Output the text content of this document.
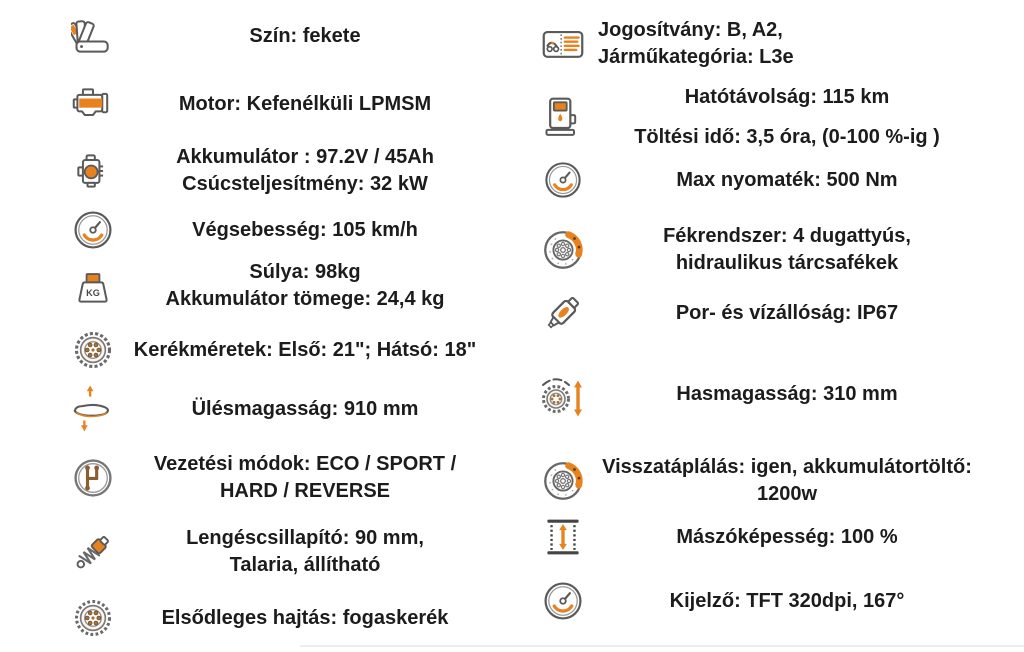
Szín: fekete
Motor: Kefenélküli LPMSM
Akkumulátor : 97.2V / 45Ah
Csúcsteljesítmény: 32 kW
Végsebesség: 105 km/h
KG
Súlya: 98kg
Akkumulátor tömege: 24,4 kg
Kerékméretek: Első: 21"; Hátsó: 18"
Ülésmagasság: 910 mm
Vezetési módok: ECO / SPORT /
HARD / REVERSE
Lengéscsillapító: 90 mm,
Talaria, állítható
Elsődleges hajtás: fogaskerék
Jogosítvány: B, A2,
Járműkategória: L3e
Hatótávolság: 115 km
Töltési idő: 3,5 óra, (0-100 %-ig )
Max nyomaték: 500 Nm
Fékrendszer: 4 dugattyús,
hidraulikus tárcsafékek
Por- és vízállóság: IP67
Hasmagasság: 310 mm
Visszatáplálás: igen, akkumulátortöltő:
1200w
Mászóképesség: 100 %
Kijelző: TFT 320dpi, 167°
